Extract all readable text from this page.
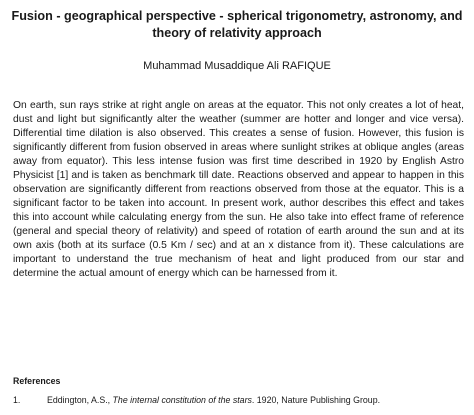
Fusion - geographical perspective - spherical trigonometry, astronomy, and theory of relativity approach

Muhammad Musaddique Ali RAFIQUE

On earth, sun rays strike at right angle on areas at the equator. This not only creates a lot of heat, dust and light but significantly alter the weather (summer are hotter and longer and vice versa). Differential time dilation is also observed. This creates a sense of fusion. However, this fusion is significantly different from fusion observed in areas where sunlight strikes at oblique angles (areas away from equator). This less intense fusion was first time described in 1920 by English Astro Physicist [1] and is taken as benchmark till date. Reactions observed and appear to happen in this observation are significantly different from reactions observed from those at the equator. This is a significant factor to be taken into account. In present work, author describes this effect and takes this into account while calculating energy from the sun. He also take into effect frame of reference (general and special theory of relativity) and speed of rotation of earth around the sun and at its own axis (both at its surface (0.5 Km / sec) and at an x distance from it). These calculations are important to understand the true mechanism of heat and light produced from our star and determine the actual amount of energy which can be harnessed from it.

References

1.	Eddington, A.S., The internal constitution of the stars. 1920, Nature Publishing Group.
